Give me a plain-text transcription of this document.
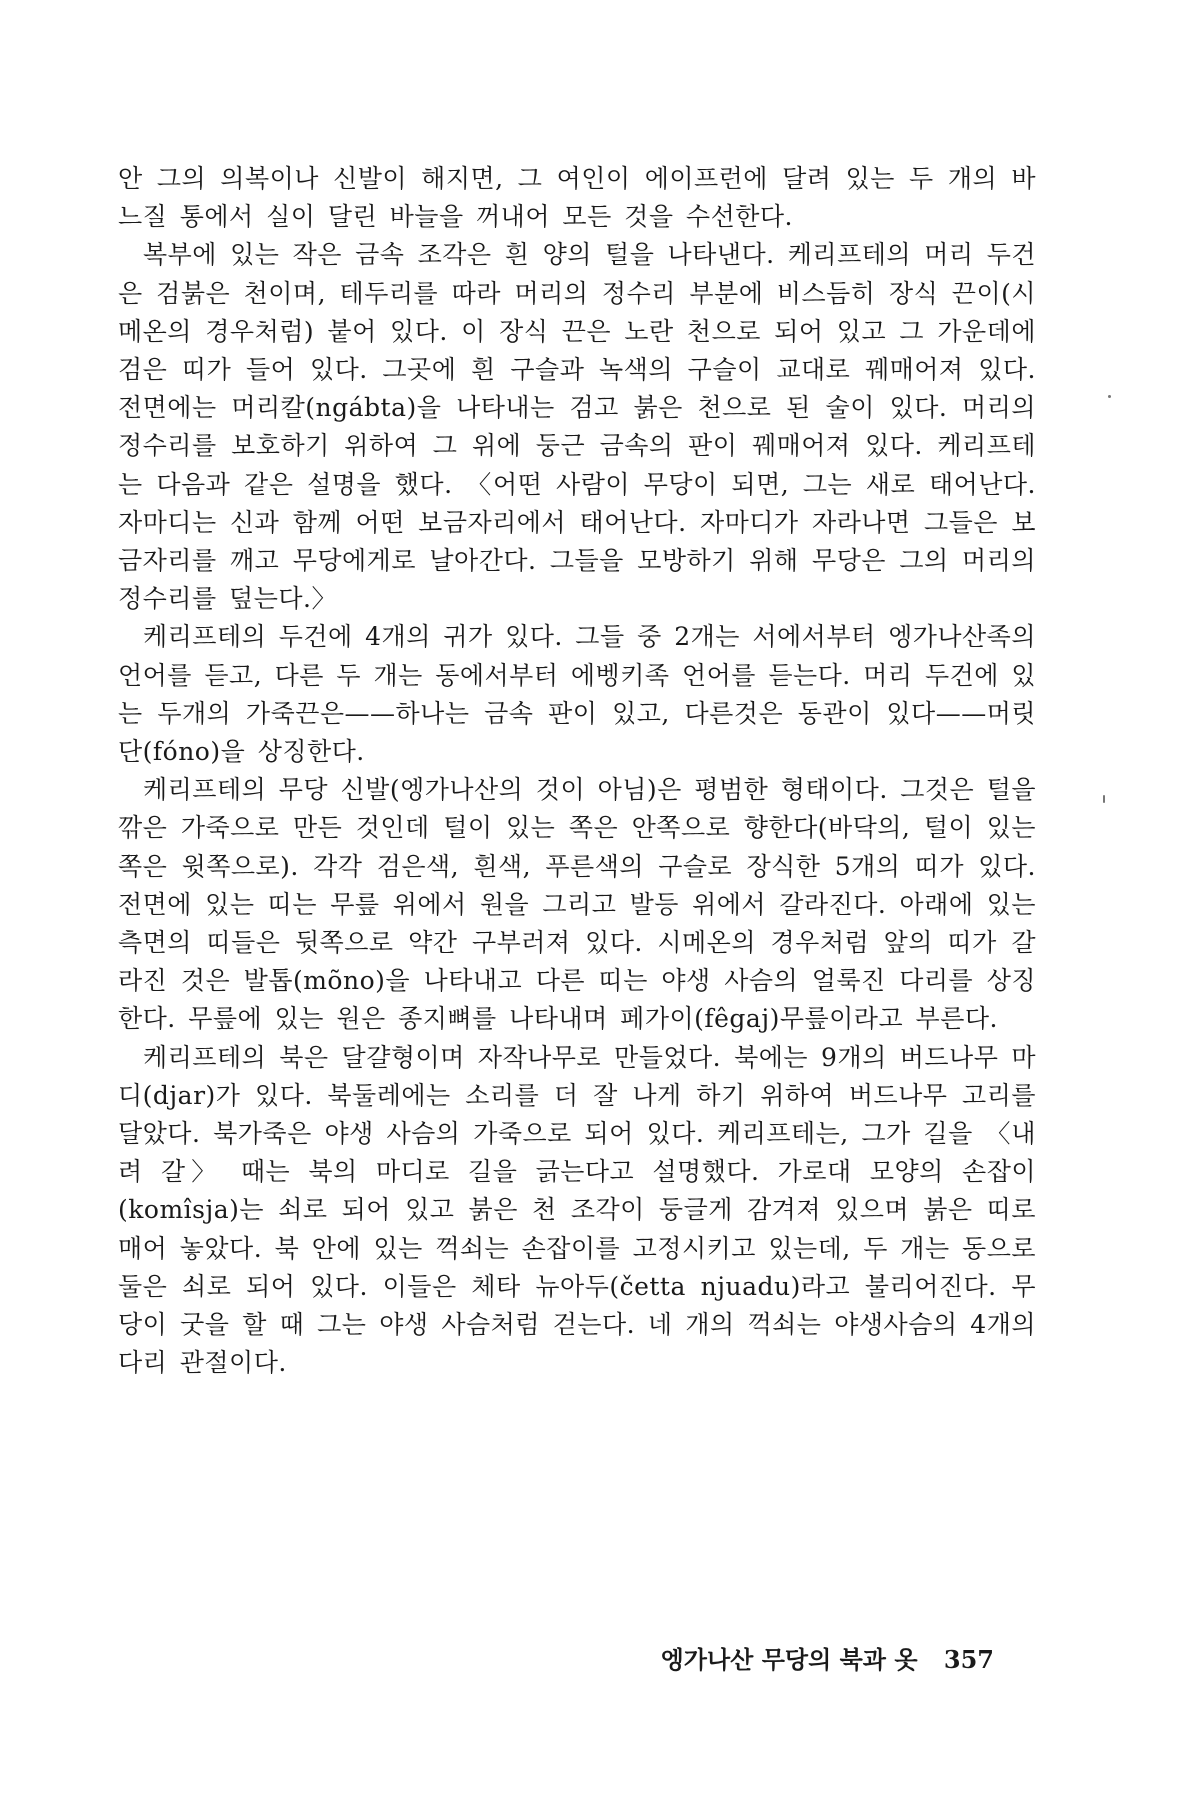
안 그의 의복이나 신발이 해지면, 그 여인이 에이프런에 달려 있는 두 개의 바느질 통에서 실이 달린 바늘을 꺼내어 모든 것을 수선한다.

복부에 있는 작은 금속 조각은 흰 양의 털을 나타낸다. 케리프테의 머리 두건은 검붉은 천이며, 테두리를 따라 머리의 정수리 부분에 비스듬히 장식 끈이(시메온의 경우처럼) 붙어 있다. 이 장식 끈은 노란 천으로 되어 있고 그 가운데에 검은 띠가 들어 있다. 그곳에 흰 구슬과 녹색의 구슬이 교대로 꿰매어져 있다. 전면에는 머리칼(ngábta)을 나타내는 검고 붉은 천으로 된 술이 있다. 머리의 정수리를 보호하기 위하여 그 위에 둥근 금속의 판이 꿰매어져 있다. 케리프테는 다음과 같은 설명을 했다. 〈어떤 사람이 무당이 되면, 그는 새로 태어난다. 자마디는 신과 함께 어떤 보금자리에서 태어난다. 자마디가 자라나면 그들은 보금자리를 깨고 무당에게로 날아간다. 그들을 모방하기 위해 무당은 그의 머리의 정수리를 덮는다.〉

케리프테의 두건에 4개의 귀가 있다. 그들 중 2개는 서에서부터 엥가나산족의 언어를 듣고, 다른 두 개는 동에서부터 에벵키족 언어를 듣는다. 머리 두건에 있는 두개의 가죽끈은——하나는 금속 판이 있고, 다른것은 동관이 있다——머릿단(fóno)을 상징한다.

케리프테의 무당 신발(엥가나산의 것이 아님)은 평범한 형태이다. 그것은 털을 깎은 가죽으로 만든 것인데 털이 있는 쪽은 안쪽으로 향한다(바닥의, 털이 있는 쪽은 윗쪽으로). 각각 검은색, 흰색, 푸른색의 구슬로 장식한 5개의 띠가 있다. 전면에 있는 띠는 무릎 위에서 원을 그리고 발등 위에서 갈라진다. 아래에 있는 측면의 띠들은 뒷쪽으로 약간 구부러져 있다. 시메온의 경우처럼 앞의 띠가 갈라진 것은 발톱(mõno)을 나타내고 다른 띠는 야생 사슴의 얼룩진 다리를 상징한다. 무릎에 있는 원은 종지뼈를 나타내며 페가이(fêgaj)무릎이라고 부른다.

케리프테의 북은 달걀형이며 자작나무로 만들었다. 북에는 9개의 버드나무 마디(djar)가 있다. 북둘레에는 소리를 더 잘 나게 하기 위하여 버드나무 고리를 달았다. 북가죽은 야생 사슴의 가죽으로 되어 있다. 케리프테는, 그가 길을 〈내려 갈〉 때는 북의 마디로 길을 긁는다고 설명했다. 가로대 모양의 손잡이(komîsja)는 쇠로 되어 있고 붉은 천 조각이 둥글게 감겨져 있으며 붉은 띠로 매어 놓았다. 북 안에 있는 꺽쇠는 손잡이를 고정시키고 있는데, 두 개는 동으로 둘은 쇠로 되어 있다. 이들은 체타 뉴아두(četta njuadu)라고 불리어진다. 무당이 굿을 할 때 그는 야생 사슴처럼 걷는다. 네 개의 꺽쇠는 야생사슴의 4개의 다리 관절이다.

엥가나산 무당의 북과 옷 357
